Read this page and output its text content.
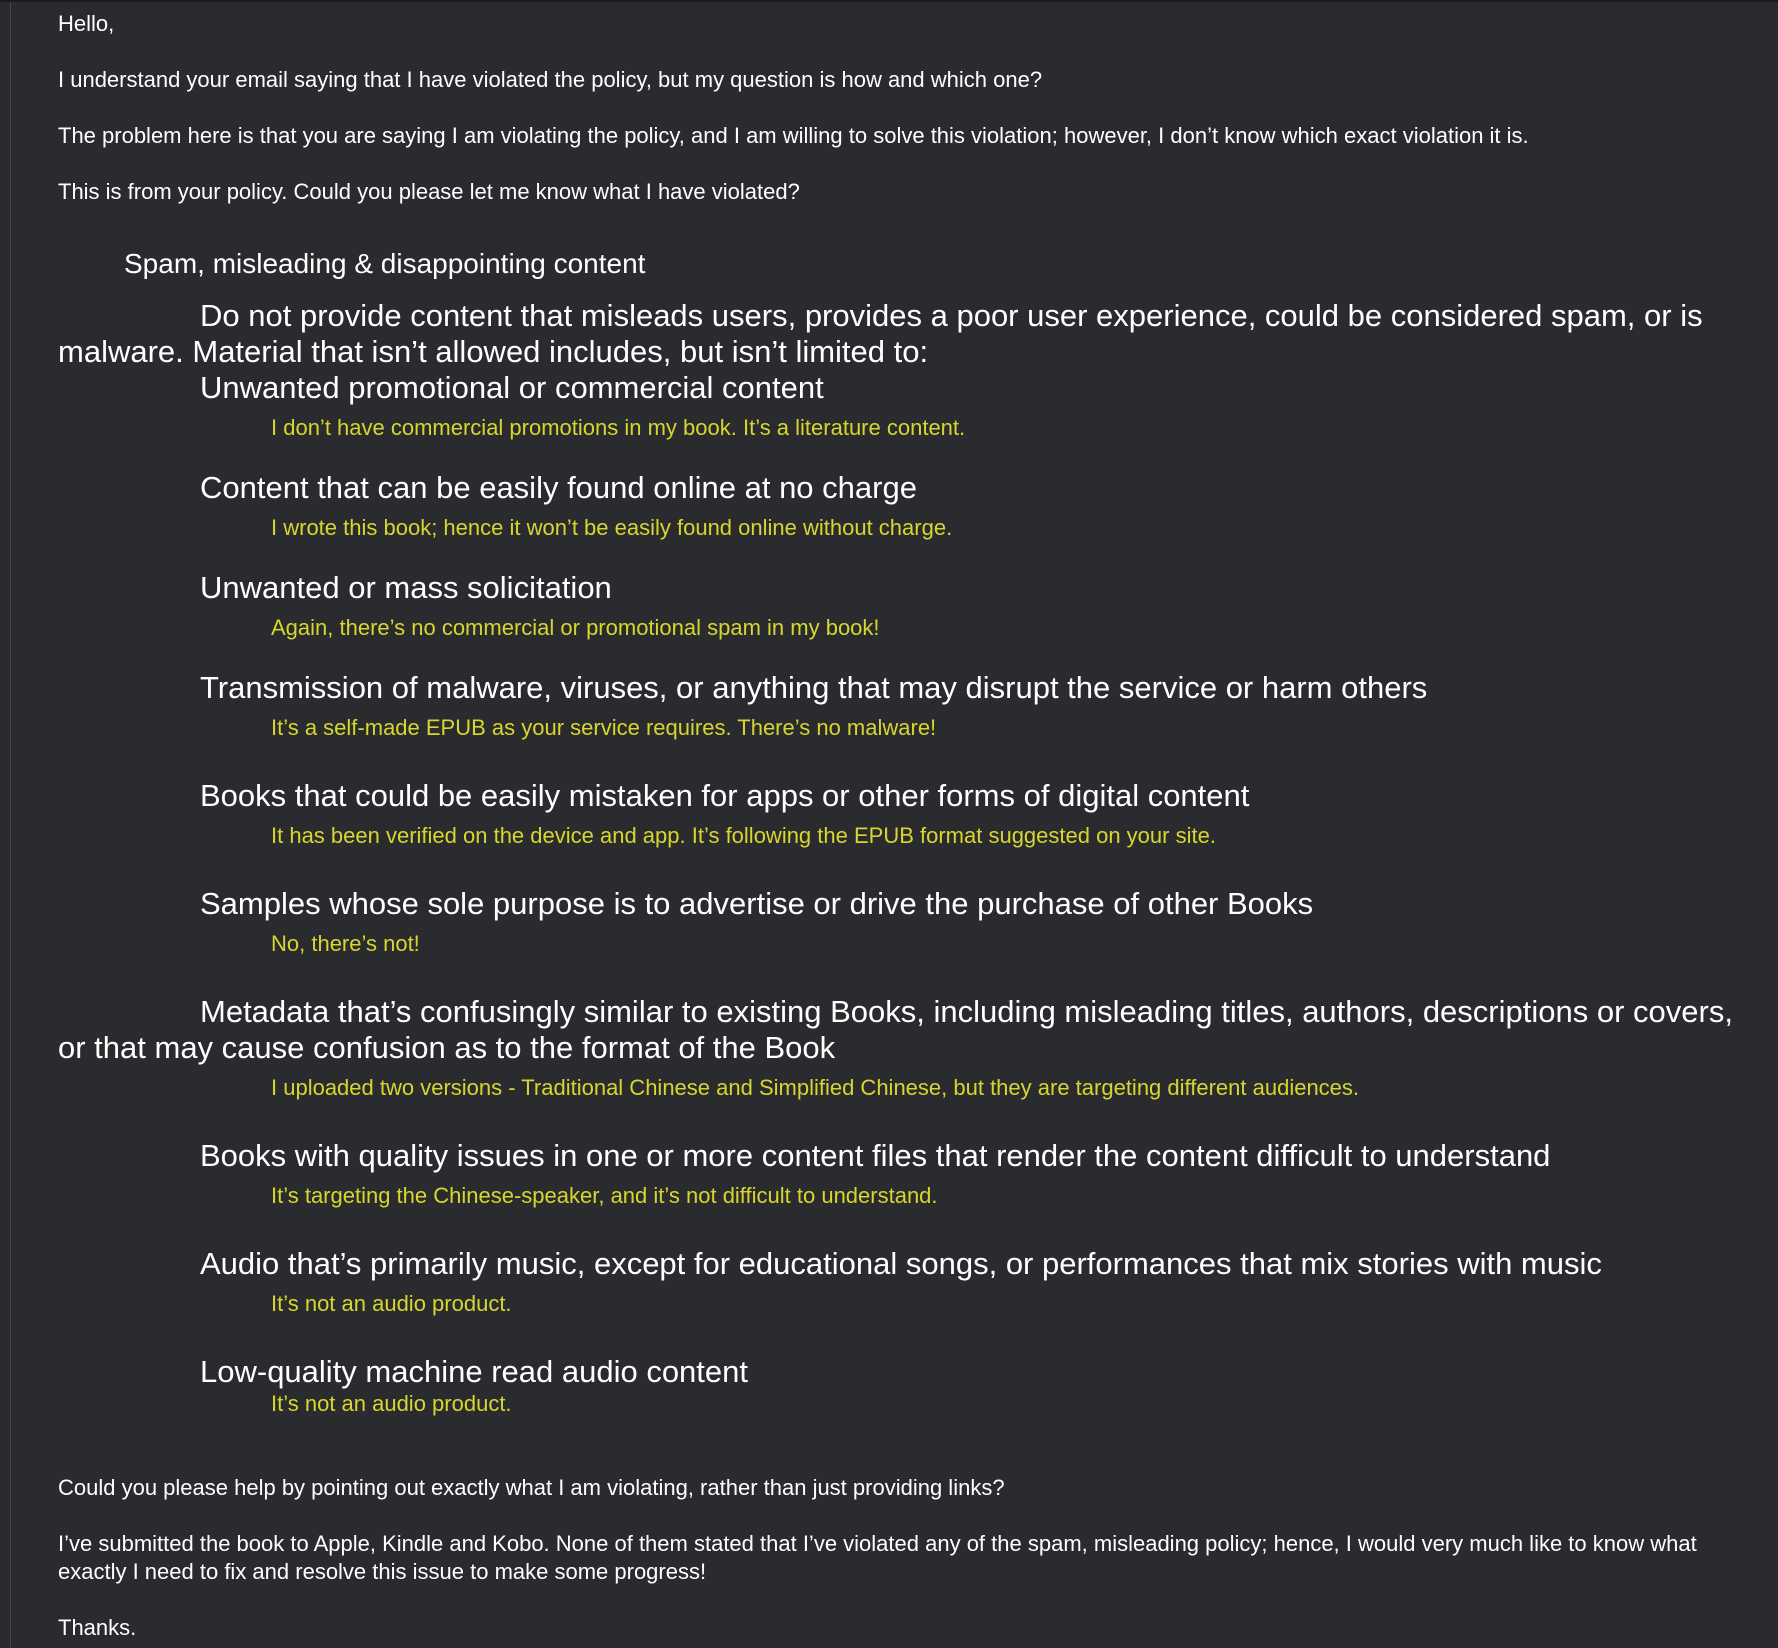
Hello,
I understand your email saying that I have violated the policy, but my question is how and which one?
The problem here is that you are saying I am violating the policy, and I am willing to solve this violation; however, I don’t know which exact violation it is.
This is from your policy. Could you please let me know what I have violated?
Spam, misleading & disappointing content
Do not provide content that misleads users, provides a poor user experience, could be considered spam, or is malware. Material that isn’t allowed includes, but isn’t limited to:
Unwanted promotional or commercial content
I don’t have commercial promotions in my book. It’s a literature content.
Content that can be easily found online at no charge
I wrote this book; hence it won’t be easily found online without charge.
Unwanted or mass solicitation
Again, there’s no commercial or promotional spam in my book!
Transmission of malware, viruses, or anything that may disrupt the service or harm others
It’s a self-made EPUB as your service requires. There’s no malware!
Books that could be easily mistaken for apps or other forms of digital content
It has been verified on the device and app. It’s following the EPUB format suggested on your site.
Samples whose sole purpose is to advertise or drive the purchase of other Books
No, there’s not!
Metadata that’s confusingly similar to existing Books, including misleading titles, authors, descriptions or covers, or that may cause confusion as to the format of the Book
I uploaded two versions - Traditional Chinese and Simplified Chinese, but they are targeting different audiences.
Books with quality issues in one or more content files that render the content difficult to understand
It’s targeting the Chinese-speaker, and it’s not difficult to understand.
Audio that’s primarily music, except for educational songs, or performances that mix stories with music
It’s not an audio product.
Low-quality machine read audio content
It’s not an audio product.
Could you please help by pointing out exactly what I am violating, rather than just providing links?
I’ve submitted the book to Apple, Kindle and Kobo. None of them stated that I’ve violated any of the spam, misleading policy; hence, I would very much like to know what exactly I need to fix and resolve this issue to make some progress!
Thanks.
